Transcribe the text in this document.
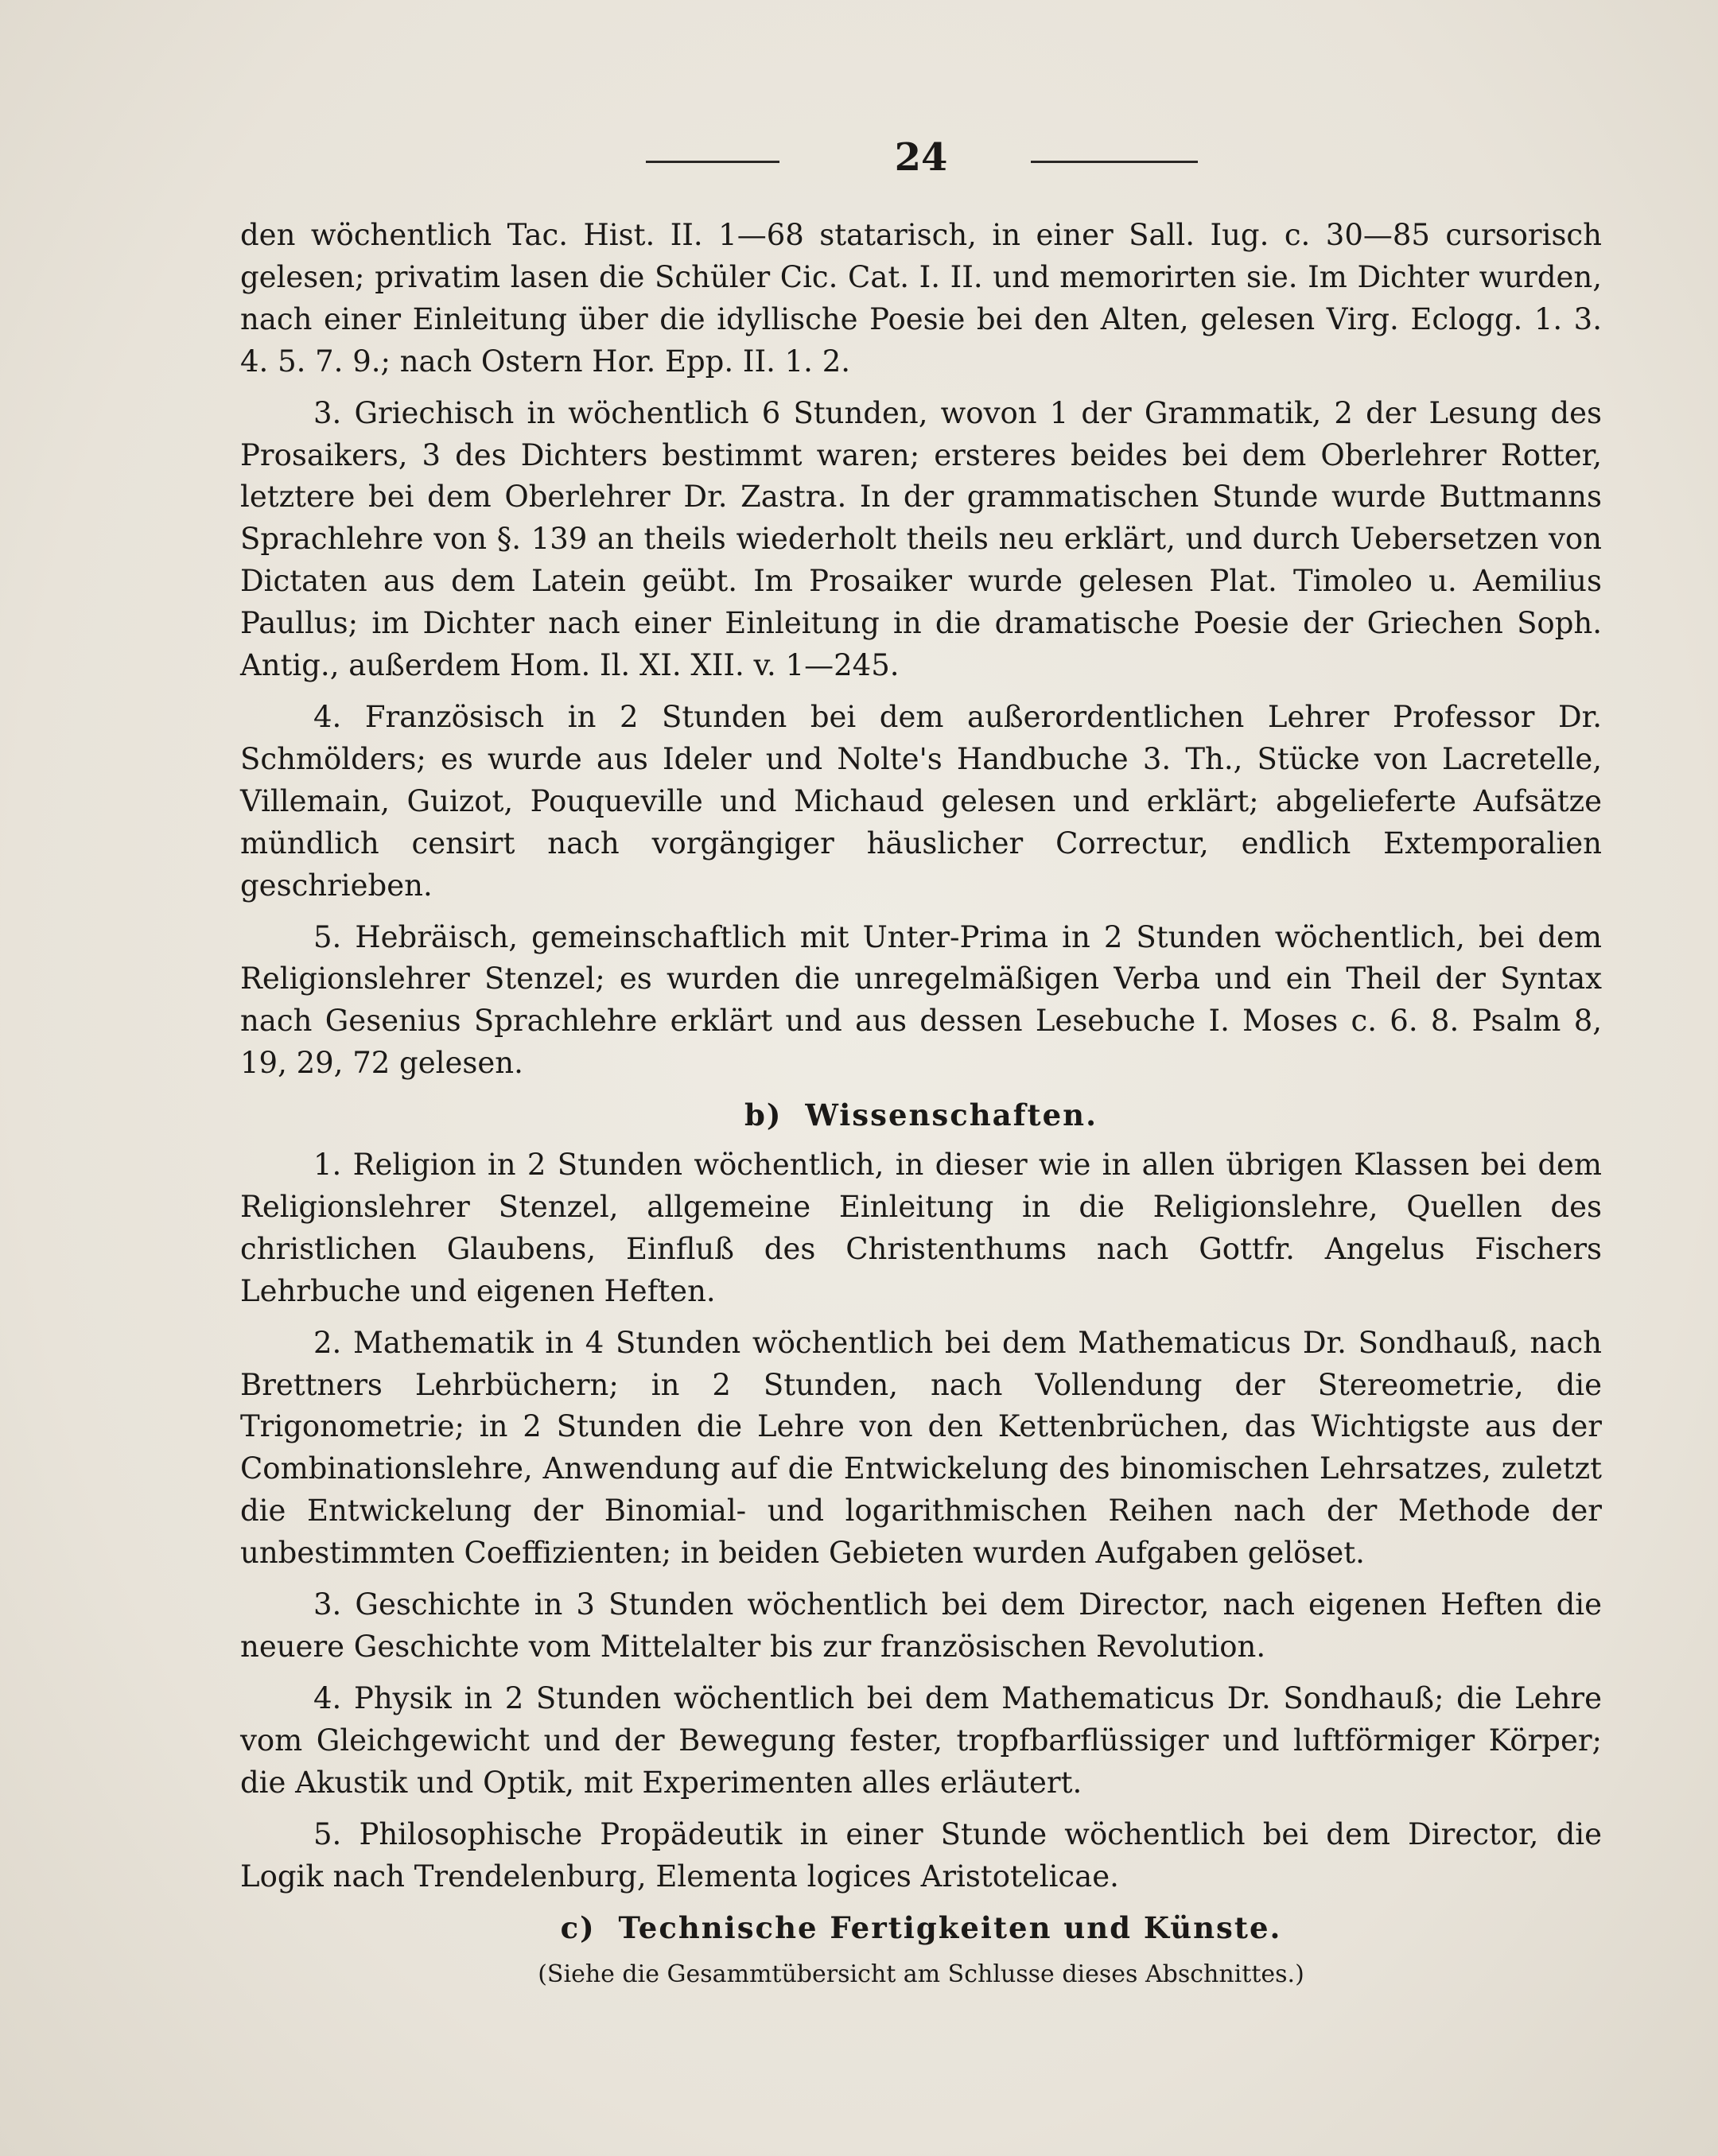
24

den wöchentlich Tac. Hist. II. 1—68 statarisch, in einer Sall. Iug. c. 30—85 cursorisch gelesen; privatim lasen die Schüler Cic. Cat. I. II. und memorirten sie. Im Dichter wurden, nach einer Einleitung über die idyllische Poesie bei den Alten, gelesen Virg. Eclogg. 1. 3. 4. 5. 7. 9.; nach Ostern Hor. Epp. II. 1. 2.

3. Griechisch in wöchentlich 6 Stunden, wovon 1 der Grammatik, 2 der Lesung des Prosaikers, 3 des Dichters bestimmt waren; ersteres beides bei dem Oberlehrer Rotter, letztere bei dem Oberlehrer Dr. Zastra. In der grammatischen Stunde wurde Buttmanns Sprachlehre von §. 139 an theils wiederholt theils neu erklärt, und durch Uebersetzen von Dictaten aus dem Latein geübt. Im Prosaiker wurde gelesen Plat. Timoleo u. Aemilius Paullus; im Dichter nach einer Einleitung in die dramatische Poesie der Griechen Soph. Antig., außerdem Hom. Il. XI. XII. v. 1—245.

4. Französisch in 2 Stunden bei dem außerordentlichen Lehrer Professor Dr. Schmölders; es wurde aus Ideler und Nolte's Handbuche 3. Th., Stücke von Lacretelle, Villemain, Guizot, Pouqueville und Michaud gelesen und erklärt; abgelieferte Aufsätze mündlich censirt nach vorgängiger häuslicher Correctur, endlich Extemporalien geschrieben.

5. Hebräisch, gemeinschaftlich mit Unter-Prima in 2 Stunden wöchentlich, bei dem Religionslehrer Stenzel; es wurden die unregelmäßigen Verba und ein Theil der Syntax nach Gesenius Sprachlehre erklärt und aus dessen Lesebuche I. Moses c. 6. 8. Psalm 8, 19, 29, 72 gelesen.

b) Wissenschaften.

1. Religion in 2 Stunden wöchentlich, in dieser wie in allen übrigen Klassen bei dem Religionslehrer Stenzel, allgemeine Einleitung in die Religionslehre, Quellen des christlichen Glaubens, Einfluß des Christenthums nach Gottfr. Angelus Fischers Lehrbuche und eigenen Heften.

2. Mathematik in 4 Stunden wöchentlich bei dem Mathematicus Dr. Sondhauß, nach Brettners Lehrbüchern; in 2 Stunden, nach Vollendung der Stereometrie, die Trigonometrie; in 2 Stunden die Lehre von den Kettenbrüchen, das Wichtigste aus der Combinationslehre, Anwendung auf die Entwickelung des binomischen Lehrsatzes, zuletzt die Entwickelung der Binomial- und logarithmischen Reihen nach der Methode der unbestimmten Coeffizienten; in beiden Gebieten wurden Aufgaben gelöset.

3. Geschichte in 3 Stunden wöchentlich bei dem Director, nach eigenen Heften die neuere Geschichte vom Mittelalter bis zur französischen Revolution.

4. Physik in 2 Stunden wöchentlich bei dem Mathematicus Dr. Sondhauß; die Lehre vom Gleichgewicht und der Bewegung fester, tropfbarflüssiger und luftförmiger Körper; die Akustik und Optik, mit Experimenten alles erläutert.

5. Philosophische Propädeutik in einer Stunde wöchentlich bei dem Director, die Logik nach Trendelenburg, Elementa logices Aristotelicae.

c) Technische Fertigkeiten und Künste.
(Siehe die Gesammtübersicht am Schlusse dieses Abschnittes.)
